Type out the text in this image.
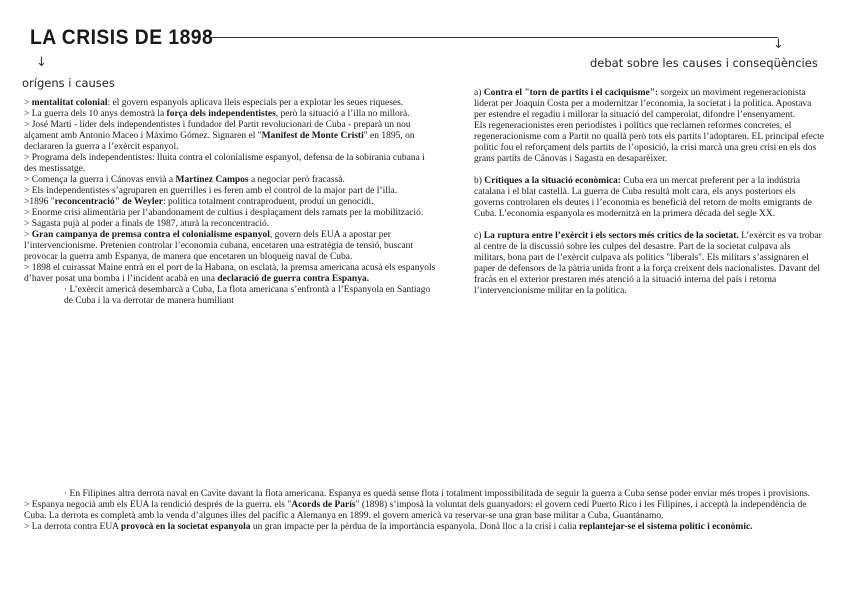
LA CRISIS DE 1898
↓
↓
orígens i causes
debat sobre les causes i conseqüències

> mentalitat colonial: el govern espanyols aplicava lleis especials per a explotar les seues riqueses.

> La guerra dels 10 anys demostrà la força dels independentistes, però la situació a l’illa no millorà.

> José Martí - líder dels independentistes i fundador del Partit revolucionari de Cuba - preparà un nou alçament amb Antonio Maceo i Máximo Gómez. Signaren el "Manifest de Monte Cristi" en 1895, on declararen la guerra a l’exèrcit espanyol.

> Programa dels independentistes: lluita contra el colonialisme espanyol, defensa de la sobirania cubana i des mestissatge.

> Comença la guerra i Cánovas envià a Martínez Campos a negociar però fracassà.

> Els independentistes s’agruparen en guerrilles i es feren amb el control de la major part de l’illa.

>1896 "reconcentració" de Weyler: política totalment contraproduent, produí un genocidi.

> Enorme crisi alimentària per l’abandonament de cultius i desplaçament dels ramats per la mobilització.

> Sagasta pujà al poder a finals de 1987, aturà la reconcentració.

> Gran campanya de premsa contra el colonialisme espanyol, govern dels EUA a apostar per l’intervencionisme. Pretenien controlar l’economia cubana, encetaren una estratègia de tensió, buscant provocar la guerra amb Espanya, de manera que encetaren un bloqueig naval de Cuba.

> 1898 el cuirassat Maine entrà en el port de la Habana, on esclatà, la premsa americana acusà els espanyols d’haver posat una bomba i l’incident acabà en una declaració de guerra contra Espanya.

· L’exèrcit americà desembarcà a Cuba, La flota americana s’enfrontà a l’Espanyola en Santiago de Cuba i la va derrotar de manera humiliant

a) Contra el "torn de partits i el caciquisme": sorgeix un moviment regeneracionista liderat per Joaquín Costa per a modernitzar l’economia, la societat i la política. Apostava per estendre el regadiu i millorar la situació del camperolat, difondre l’ensenyament.

Els regeneracionistes eren periodistes i polítics que reclamen reformes concretes, el regeneracionisme com a Partit no quallà però tots els partits l’adoptaren. EL principal efecte polític fou el reforçament dels partits de l’oposició, la crisi marcà una greu crisi en els dos grans partits de Cánovas i Sagasta en desaparèixer.

b) Crítiques a la situació econòmica: Cuba era un mercat preferent per a la indústria catalana i el blat castellà. La guerra de Cuba resultà molt cara, els anys posteriors els governs controlaren els deutes i l’economia es beneficià del retorn de molts emigrants de Cuba. L’economia espanyola es modernitzà en la primera dècada del segle XX.

c) La ruptura entre l’exèrcit i els sectors més crítics de la societat. L’exèrcit es va trobar al centre de la discussió sobre les culpes del desastre. Part de la societat culpava als militars, bona part de l’exèrcit culpava als polítics "liberals". Els militars s’assignaren el paper de defensors de la pàtria unida front a la força creixent dels nacionalistes. Davant del fracàs en el exterior prestaren més atenció a la situació interna del país i retorna l’intervencionisme militar en la política.

· En Filipines altra derrota naval en Cavite davant la flota americana. Espanya es quedà sense flota i totalment impossibilitada de seguir la guerra a Cuba sense poder enviar més tropes i provisions.

> Espanya negocià amb els EUA la rendició després de la guerra. els "Acords de París" (1898) s’imposà la voluntat dels guanyadors: el govern cedí Puerto Rico i les Filipines, i acceptà la independència de Cuba. La derrota es completà amb la venda d’algunes illes del pacífic a Alemanya en 1899. el govern americà va reservar-se una gran base militar a Cuba, Guantánamo.

> La derrota contra EUA provocà en la societat espanyola un gran impacte per la pèrdua de la importància espanyola. Donà lloc a la crisi i calia replantejar-se el sistema polític i econòmic.
